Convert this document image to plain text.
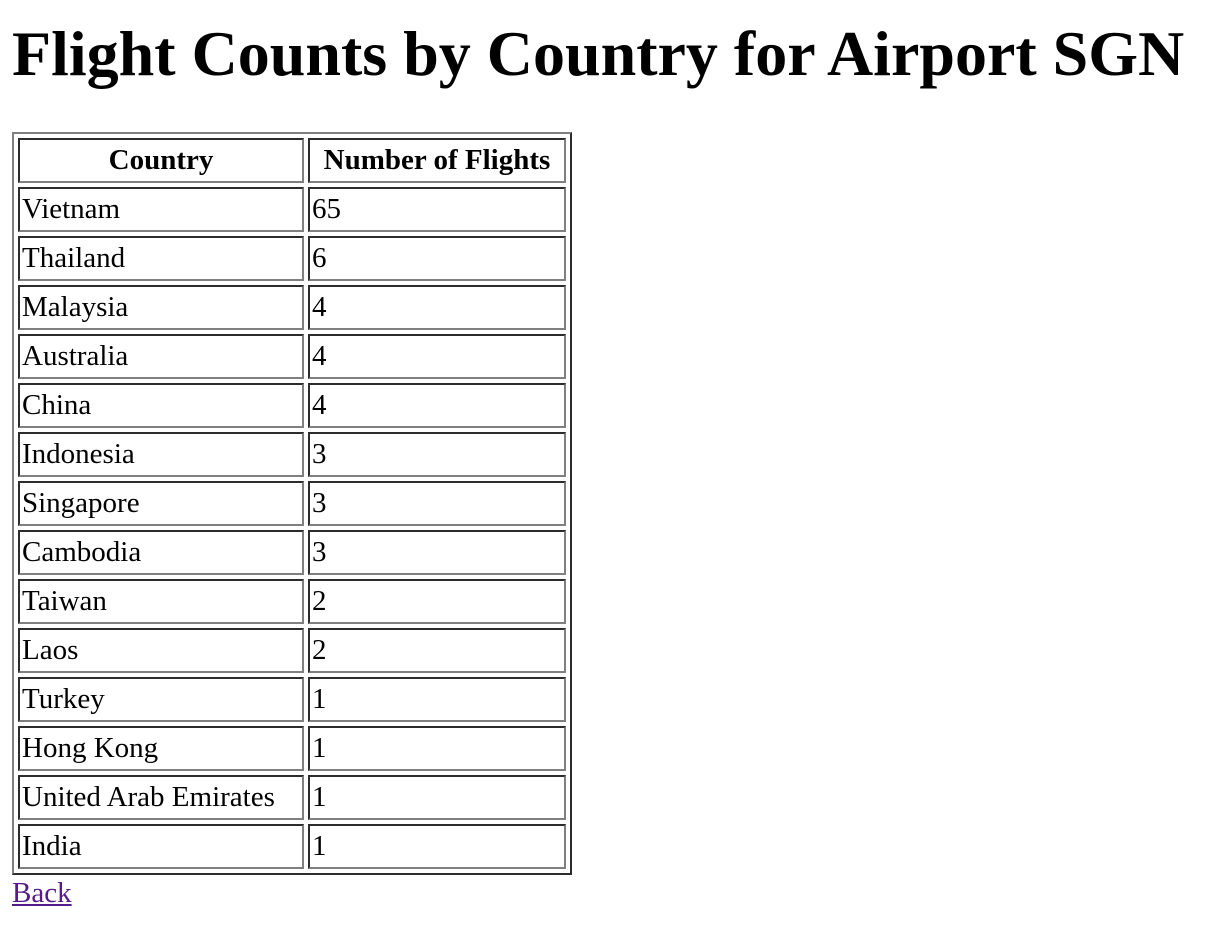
Flight Counts by Country for Airport SGN
Country	Number of Flights
Vietnam	65
Thailand	6
Malaysia	4
Australia	4
China	4
Indonesia	3
Singapore	3
Cambodia	3
Taiwan	2
Laos	2
Turkey	1
Hong Kong	1
United Arab Emirates	1
India	1
Back
